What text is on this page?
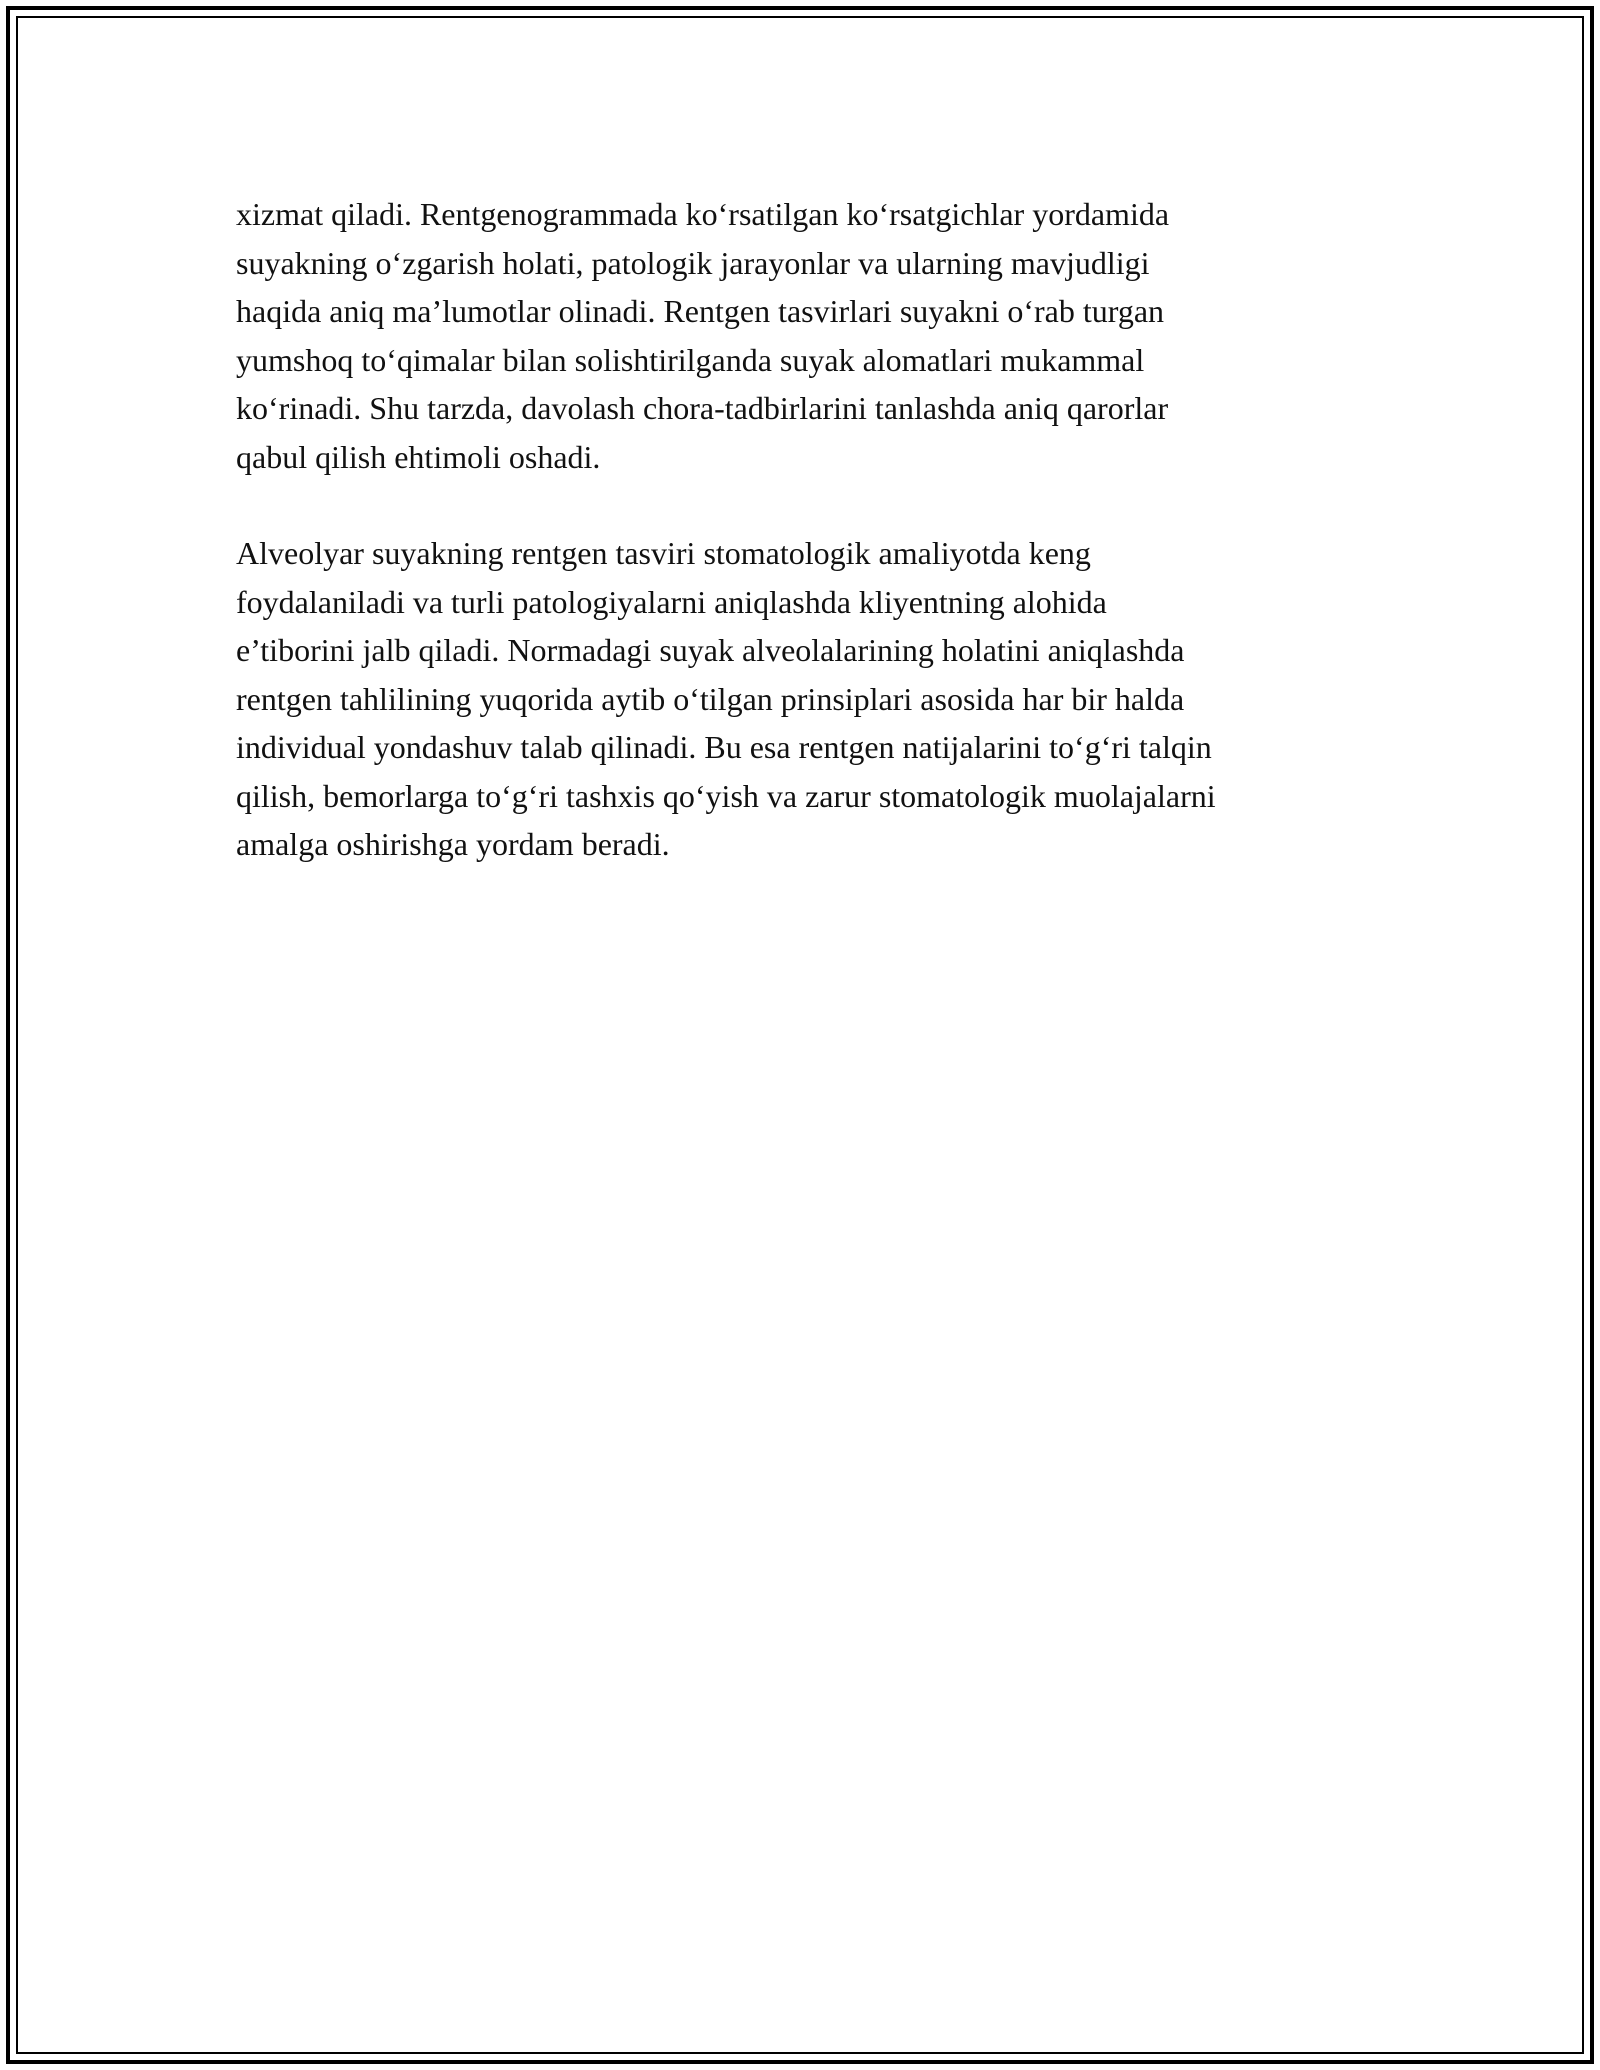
xizmat qiladi. Rentgenogrammada ko‘rsatilgan ko‘rsatgichlar yordamida
suyakning o‘zgarish holati, patologik jarayonlar va ularning mavjudligi
haqida aniq ma’lumotlar olinadi. Rentgen tasvirlari suyakni o‘rab turgan
yumshoq to‘qimalar bilan solishtirilganda suyak alomatlari mukammal
ko‘rinadi. Shu tarzda, davolash chora-tadbirlarini tanlashda aniq qarorlar
qabul qilish ehtimoli oshadi.

Alveolyar suyakning rentgen tasviri stomatologik amaliyotda keng
foydalaniladi va turli patologiyalarni aniqlashda kliyentning alohida
e’tiborini jalb qiladi. Normadagi suyak alveolalarining holatini aniqlashda
rentgen tahlilining yuqorida aytib o‘tilgan prinsiplari asosida har bir halda
individual yondashuv talab qilinadi. Bu esa rentgen natijalarini to‘g‘ri talqin
qilish, bemorlarga to‘g‘ri tashxis qo‘yish va zarur stomatologik muolajalarni
amalga oshirishga yordam beradi.
